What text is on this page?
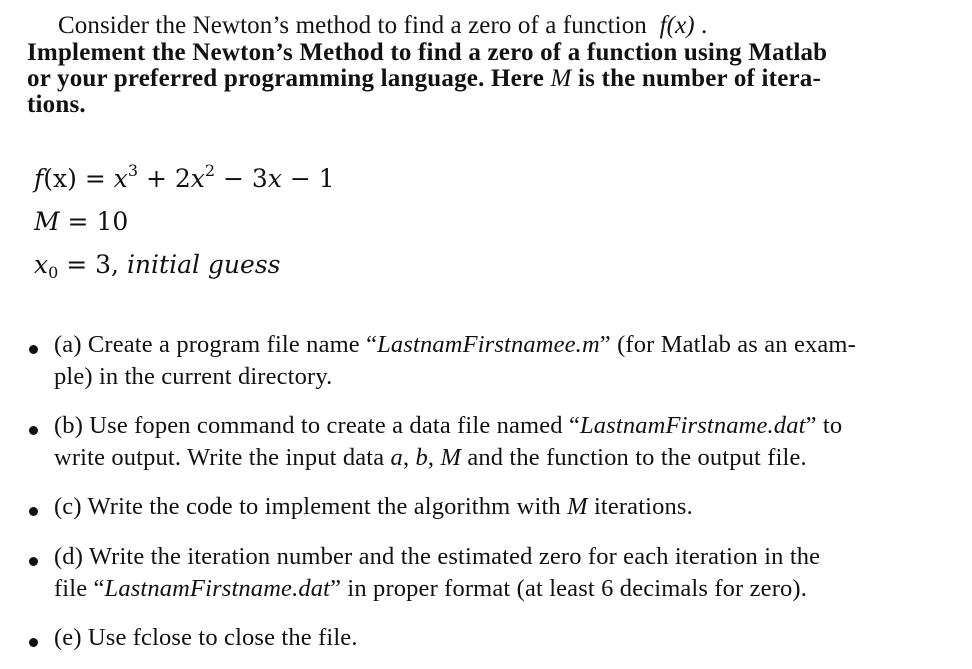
Consider the Newton’s method to find a zero of a function f(x) .
Implement the Newton’s Method to find a zero of a function using Matlab
or your preferred programming language. Here M is the number of itera-
tions.
$f(x) = x^3 + 2x^2 - 3x - 1$
M = 10
$x_0 = 3$, initial guess
(a) Create a program file name “LastnamFirstnamee.m” (for Matlab as an exam-
ple) in the current directory.
(b) Use fopen command to create a data file named “LastnamFirstname.dat” to
write output. Write the input data a, b, M and the function to the output file.
(c) Write the code to implement the algorithm with M iterations.
(d) Write the iteration number and the estimated zero for each iteration in the
file “LastnamFirstname.dat” in proper format (at least 6 decimals for zero).
(e) Use fclose to close the file.
